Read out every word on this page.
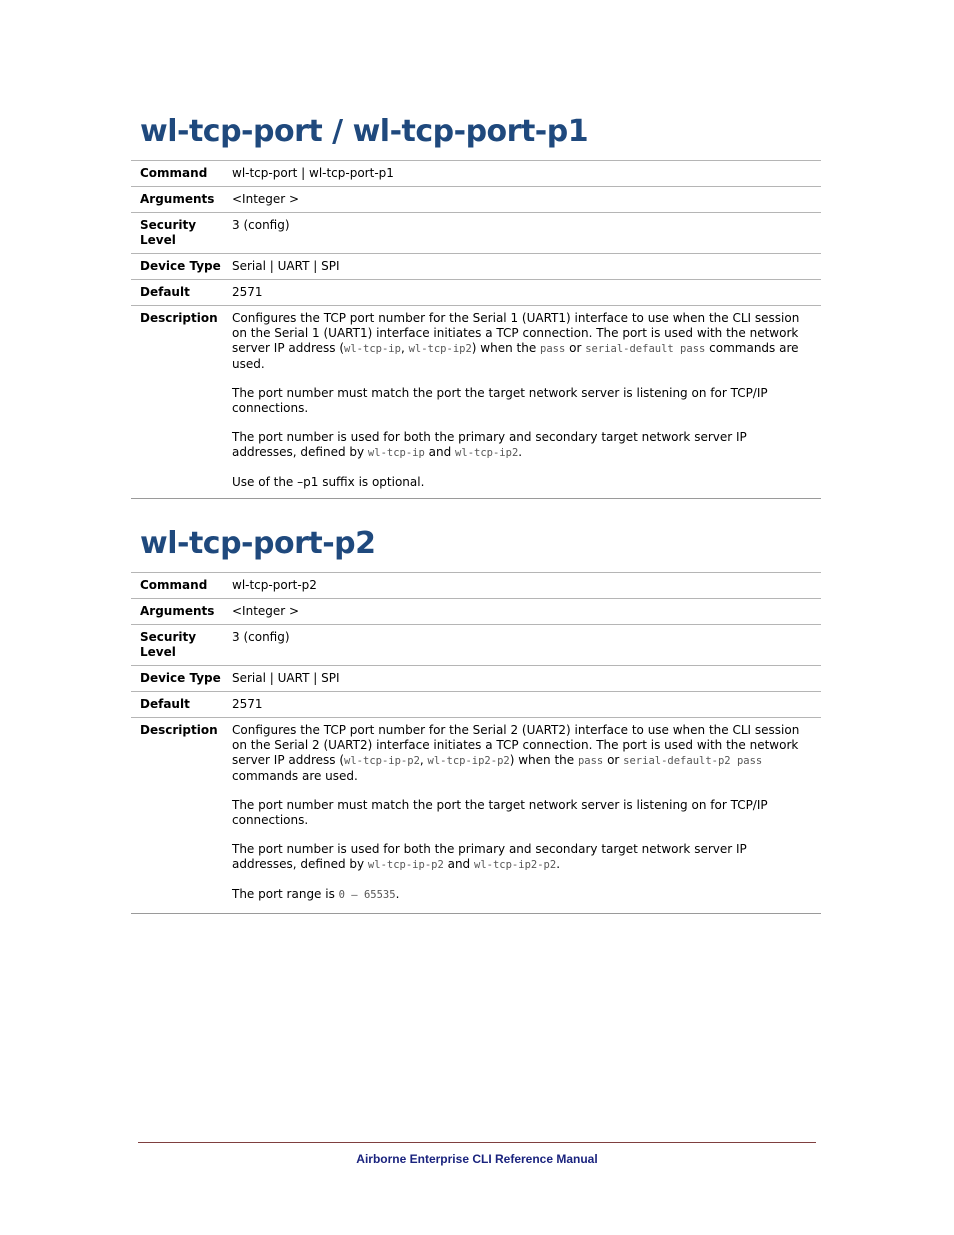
wl-tcp-port / wl-tcp-port-p1
Command	wl-tcp-port | wl-tcp-port-p1
Arguments	<Integer >
Security Level	3 (config)
Device Type	Serial | UART | SPI
Default	2571
Description	Configures the TCP port number for the Serial 1 (UART1) interface to use when the CLI session on the Serial 1 (UART1) interface initiates a TCP connection. The port is used with the network server IP address (wl-tcp-ip, wl-tcp-ip2) when the pass or serial-default pass commands are used.

The port number must match the port the target network server is listening on for TCP/IP connections.

The port number is used for both the primary and secondary target network server IP addresses, defined by wl-tcp-ip and wl-tcp-ip2.

Use of the –p1 suffix is optional.

wl-tcp-port-p2
Command	wl-tcp-port-p2
Arguments	<Integer >
Security Level	3 (config)
Device Type	Serial | UART | SPI
Default	2571
Description	Configures the TCP port number for the Serial 2 (UART2) interface to use when the CLI session on the Serial 2 (UART2) interface initiates a TCP connection. The port is used with the network server IP address (wl-tcp-ip-p2, wl-tcp-ip2-p2) when the pass or serial-default-p2 pass commands are used.

The port number must match the port the target network server is listening on for TCP/IP connections.

The port number is used for both the primary and secondary target network server IP addresses, defined by wl-tcp-ip-p2 and wl-tcp-ip2-p2.

The port range is 0 – 65535.

Airborne Enterprise CLI Reference Manual
